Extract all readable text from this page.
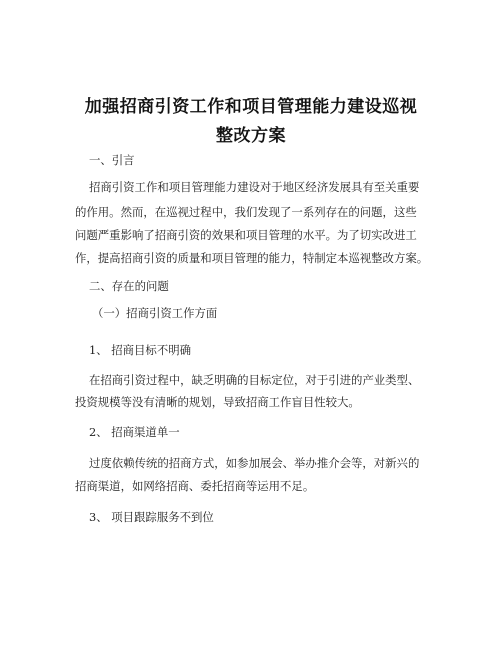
加强招商引资工作和项目管理能力建设巡视
整改方案
一、引言
招商引资工作和项目管理能力建设对于地区经济发展具有至关重要
的作用。然而，在巡视过程中，我们发现了一系列存在的问题，这些
问题严重影响了招商引资的效果和项目管理的水平。为了切实改进工
作，提高招商引资的质量和项目管理的能力，特制定本巡视整改方案。
二、存在的问题
（一）招商引资工作方面
1、 招商目标不明确
在招商引资过程中，缺乏明确的目标定位，对于引进的产业类型、
投资规模等没有清晰的规划，导致招商工作盲目性较大。
2、 招商渠道单一
过度依赖传统的招商方式，如参加展会、举办推介会等，对新兴的
招商渠道，如网络招商、委托招商等运用不足。
3、 项目跟踪服务不到位
